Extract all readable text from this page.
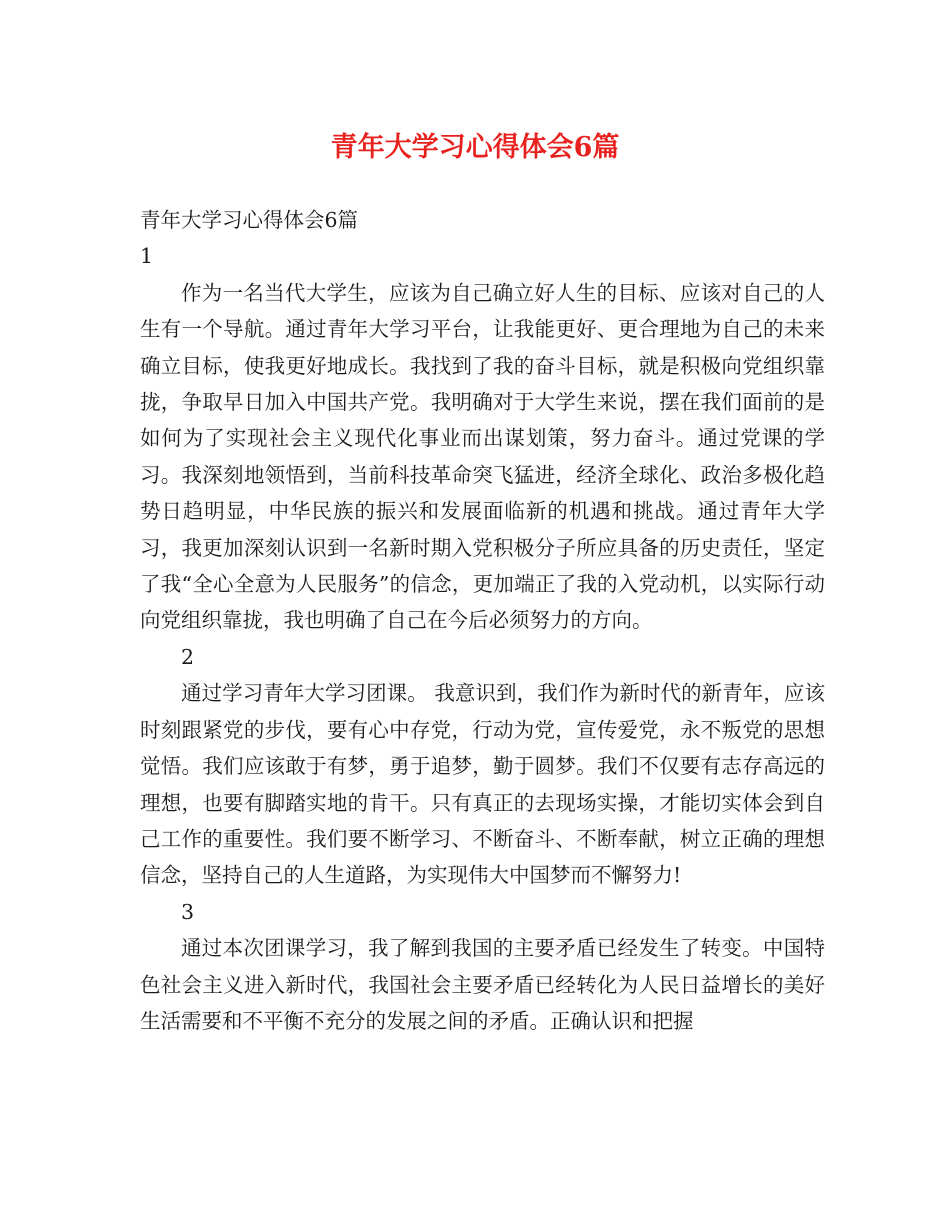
青年大学习心得体会6篇

青年大学习心得体会6篇

1

作为一名当代大学生，应该为自己确立好人生的目标、应该对自己的人生有一个导航。通过青年大学习平台，让我能更好、更合理地为自己的未来确立目标，使我更好地成长。我找到了我的奋斗目标，就是积极向党组织靠拢，争取早日加入中国共产党。我明确对于大学生来说，摆在我们面前的是如何为了实现社会主义现代化事业而出谋划策，努力奋斗。通过党课的学习。我深刻地领悟到，当前科技革命突飞猛进，经济全球化、政治多极化趋势日趋明显，中华民族的振兴和发展面临新的机遇和挑战。通过青年大学习，我更加深刻认识到一名新时期入党积极分子所应具备的历史责任，坚定了我“全心全意为人民服务”的信念，更加端正了我的入党动机，以实际行动向党组织靠拢，我也明确了自己在今后必须努力的方向。

2

通过学习青年大学习团课。 我意识到，我们作为新时代的新青年，应该时刻跟紧党的步伐，要有心中存党，行动为党，宣传爱党，永不叛党的思想觉悟。我们应该敢于有梦，勇于追梦，勤于圆梦。我们不仅要有志存高远的理想，也要有脚踏实地的肯干。只有真正的去现场实操，才能切实体会到自己工作的重要性。我们要不断学习、不断奋斗、不断奉献，树立正确的理想信念，坚持自己的人生道路，为实现伟大中国梦而不懈努力!

3

通过本次团课学习，我了解到我国的主要矛盾已经发生了转变。中国特色社会主义进入新时代，我国社会主要矛盾已经转化为人民日益增长的美好生活需要和不平衡不充分的发展之间的矛盾。正确认识和把握
